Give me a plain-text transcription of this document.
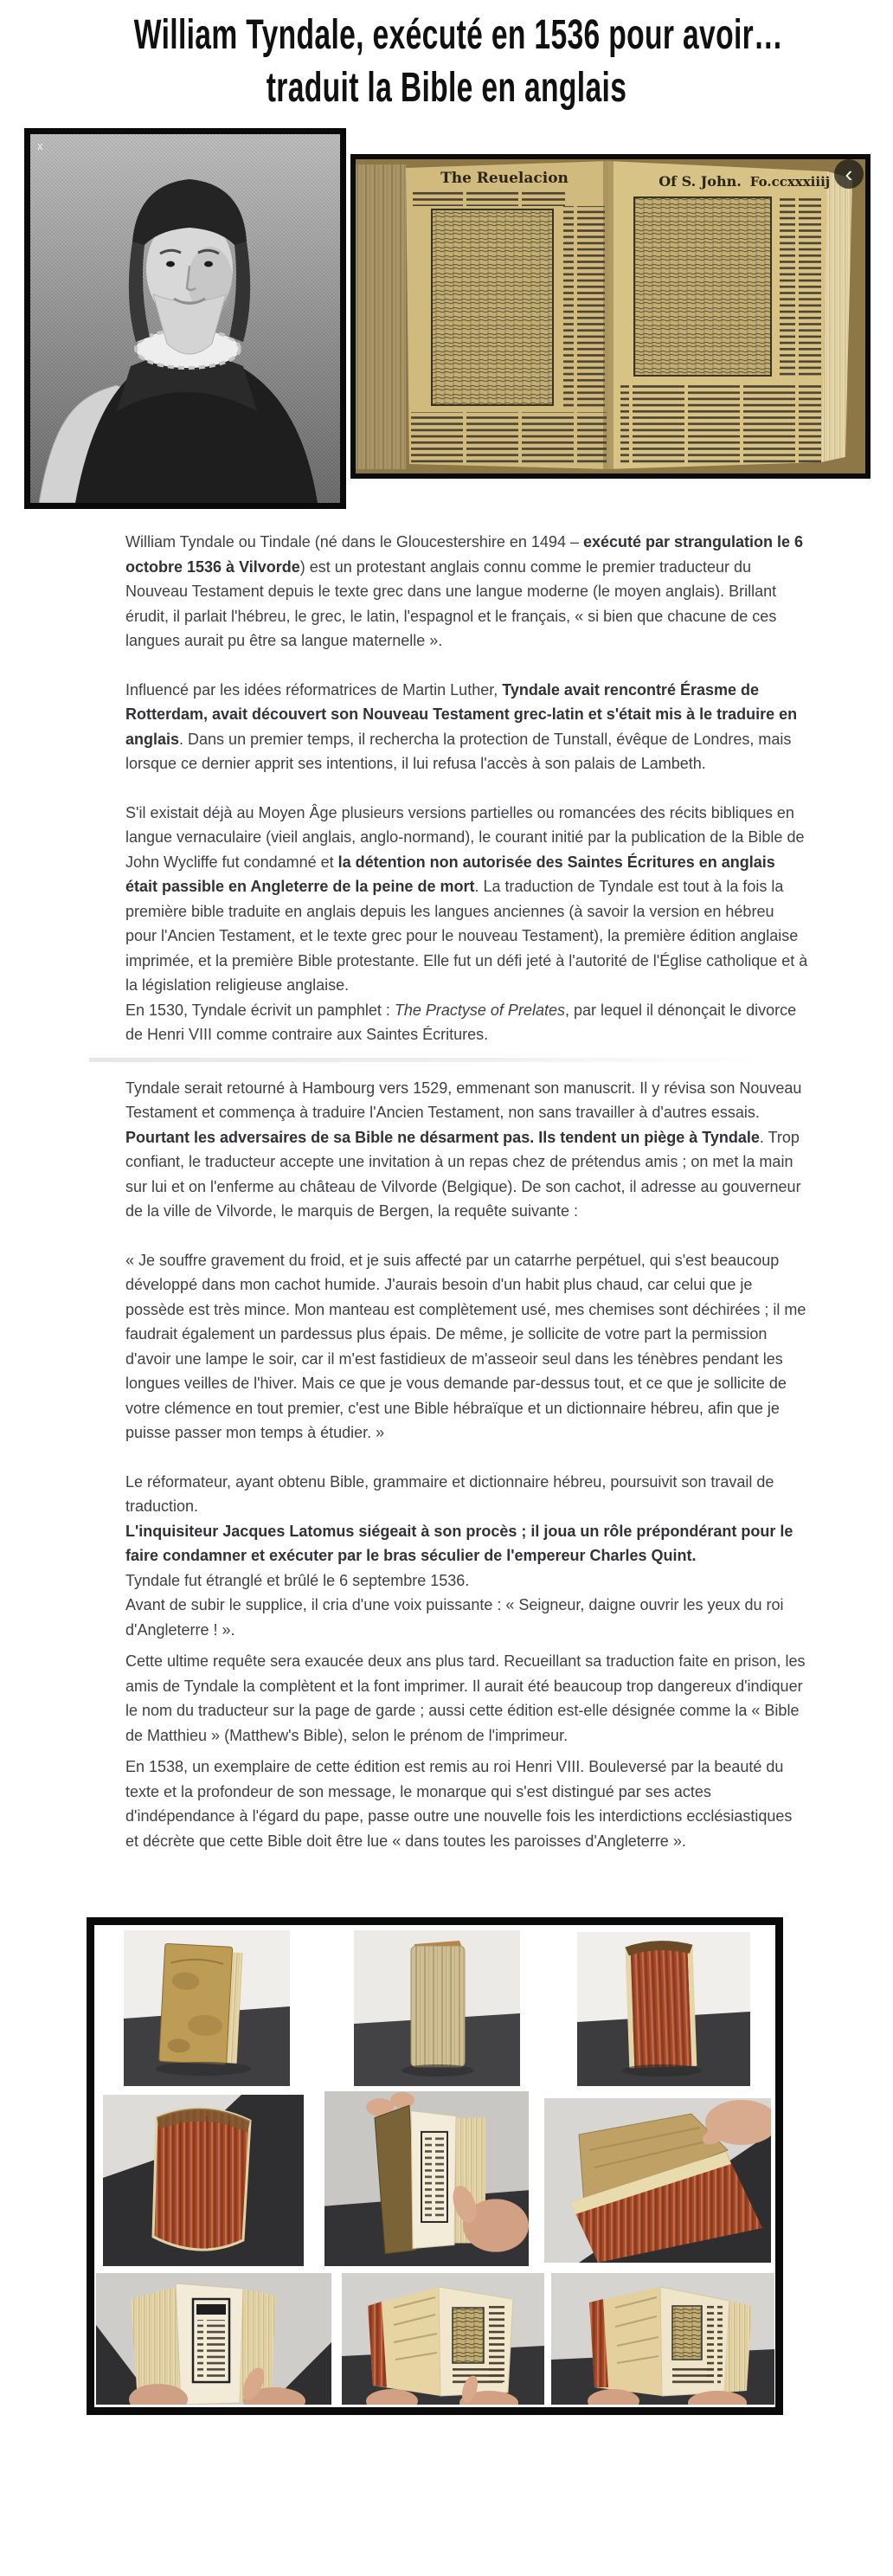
William Tyndale, exécuté en 1536 pour avoir…
traduit la Bible en anglais
x
The Reuelacion	Of S. John. Fo.ccxxxiiij ‹

William Tyndale ou Tindale (né dans le Gloucestershire en 1494 – exécuté par strangulation le 6 octobre 1536 à Vilvorde) est un protestant anglais connu comme le premier traducteur du Nouveau Testament depuis le texte grec dans une langue moderne (le moyen anglais). Brillant érudit, il parlait l'hébreu, le grec, le latin, l'espagnol et le français, « si bien que chacune de ces langues aurait pu être sa langue maternelle ».

Influencé par les idées réformatrices de Martin Luther, Tyndale avait rencontré Érasme de Rotterdam, avait découvert son Nouveau Testament grec-latin et s'était mis à le traduire en anglais. Dans un premier temps, il rechercha la protection de Tunstall, évêque de Londres, mais lorsque ce dernier apprit ses intentions, il lui refusa l'accès à son palais de Lambeth.

S'il existait déjà au Moyen Âge plusieurs versions partielles ou romancées des récits bibliques en langue vernaculaire (vieil anglais, anglo-normand), le courant initié par la publication de la Bible de John Wycliffe fut condamné et la détention non autorisée des Saintes Écritures en anglais était passible en Angleterre de la peine de mort. La traduction de Tyndale est tout à la fois la première bible traduite en anglais depuis les langues anciennes (à savoir la version en hébreu pour l'Ancien Testament, et le texte grec pour le nouveau Testament), la première édition anglaise imprimée, et la première Bible protestante. Elle fut un défi jeté à l'autorité de l'Église catholique et à la législation religieuse anglaise.

En 1530, Tyndale écrivit un pamphlet : The Practyse of Prelates, par lequel il dénonçait le divorce de Henri VIII comme contraire aux Saintes Écritures.

Tyndale serait retourné à Hambourg vers 1529, emmenant son manuscrit. Il y révisa son Nouveau Testament et commença à traduire l'Ancien Testament, non sans travailler à d'autres essais. Pourtant les adversaires de sa Bible ne désarment pas. Ils tendent un piège à Tyndale. Trop confiant, le traducteur accepte une invitation à un repas chez de prétendus amis ; on met la main sur lui et on l'enferme au château de Vilvorde (Belgique). De son cachot, il adresse au gouverneur de la ville de Vilvorde, le marquis de Bergen, la requête suivante :

« Je souffre gravement du froid, et je suis affecté par un catarrhe perpétuel, qui s'est beaucoup développé dans mon cachot humide. J'aurais besoin d'un habit plus chaud, car celui que je possède est très mince. Mon manteau est complètement usé, mes chemises sont déchirées ; il me faudrait également un pardessus plus épais. De même, je sollicite de votre part la permission d'avoir une lampe le soir, car il m'est fastidieux de m'asseoir seul dans les ténèbres pendant les longues veilles de l'hiver. Mais ce que je vous demande par-dessus tout, et ce que je sollicite de votre clémence en tout premier, c'est une Bible hébraïque et un dictionnaire hébreu, afin que je puisse passer mon temps à étudier. »

Le réformateur, ayant obtenu Bible, grammaire et dictionnaire hébreu, poursuivit son travail de traduction.

L'inquisiteur Jacques Latomus siégeait à son procès ; il joua un rôle prépondérant pour le faire condamner et exécuter par le bras séculier de l'empereur Charles Quint.

Tyndale fut étranglé et brûlé le 6 septembre 1536.

Avant de subir le supplice, il cria d'une voix puissante : « Seigneur, daigne ouvrir les yeux du roi d'Angleterre ! ».

Cette ultime requête sera exaucée deux ans plus tard. Recueillant sa traduction faite en prison, les amis de Tyndale la complètent et la font imprimer. Il aurait été beaucoup trop dangereux d'indiquer le nom du traducteur sur la page de garde ; aussi cette édition est-elle désignée comme la « Bible de Matthieu » (Matthew's Bible), selon le prénom de l'imprimeur.

En 1538, un exemplaire de cette édition est remis au roi Henri VIII. Bouleversé par la beauté du texte et la profondeur de son message, le monarque qui s'est distingué par ses actes d'indépendance à l'égard du pape, passe outre une nouvelle fois les interdictions ecclésiastiques et décrète que cette Bible doit être lue « dans toutes les paroisses d'Angleterre ».
